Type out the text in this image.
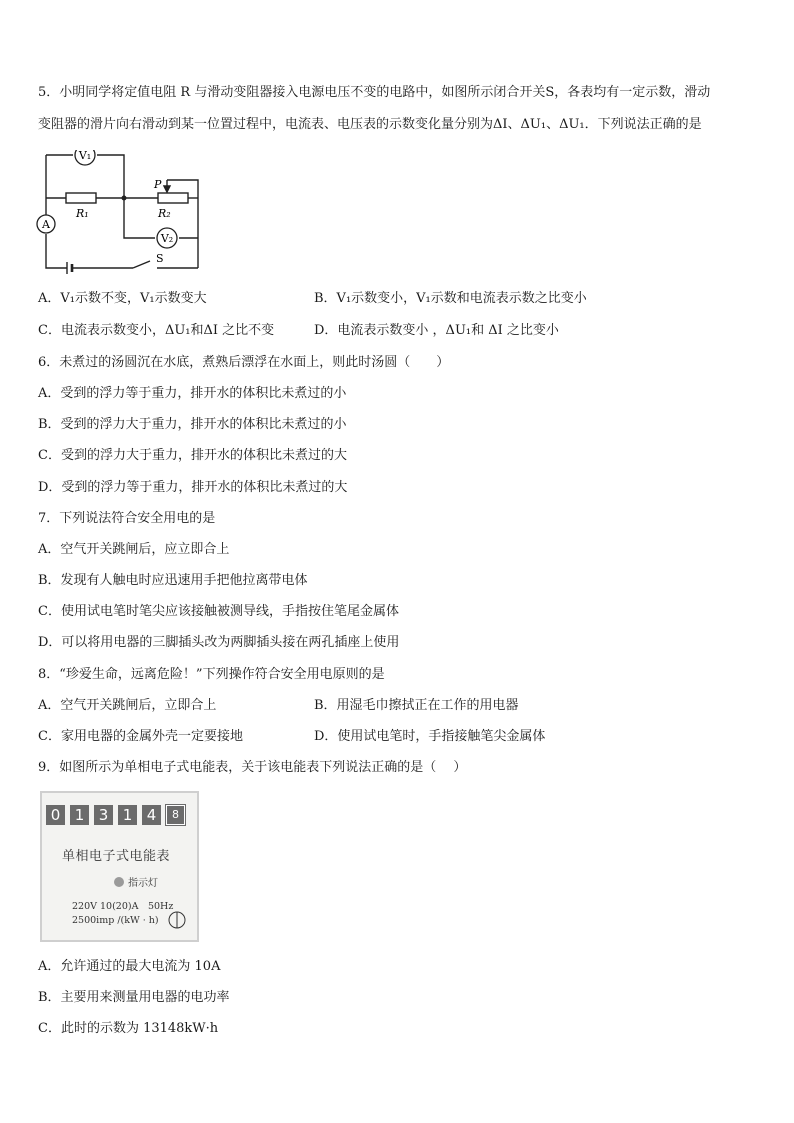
5．小明同学将定值电阻 R 与滑动变阻器接入电源电压不变的电路中，如图所示闭合开关S，各表均有一定示数，滑动
变阻器的滑片向右滑动到某一位置过程中，电流表、电压表的示数变化量分别为ΔI、ΔU₁、ΔU₁．下列说法正确的是
V₁
V₂
A
R₁	R₂
P
S
A．V₁示数不变，V₁示数变大	B．V₁示数变小，V₁示数和电流表示数之比变小
C．电流表示数变小，ΔU₁和ΔI 之比不变	D．电流表示数变小 ，ΔU₁和 ΔI 之比变小
6．未煮过的汤圆沉在水底，煮熟后漂浮在水面上，则此时汤圆（　　）
A．受到的浮力等于重力，排开水的体积比未煮过的小
B．受到的浮力大于重力，排开水的体积比未煮过的小
C．受到的浮力大于重力，排开水的体积比未煮过的大
D．受到的浮力等于重力，排开水的体积比未煮过的大
7．下列说法符合安全用电的是
A．空气开关跳闸后，应立即合上
B．发现有人触电时应迅速用手把他拉离带电体
C．使用试电笔时笔尖应该接触被测导线，手指按住笔尾金属体
D．可以将用电器的三脚插头改为两脚插头接在两孔插座上使用
8．“珍爱生命，远离危险！”下列操作符合安全用电原则的是
A．空气开关跳闸后，立即合上	B．用湿毛巾擦拭正在工作的用电器
C．家用电器的金属外壳一定要接地	D．使用试电笔时，手指接触笔尖金属体
9．如图所示为单相电子式电能表，关于该电能表下列说法正确的是（　 ）
0 1 3 1 4	8
单相电子式电能表
指示灯
220V 10(20)A　50Hz
2500imp /(kW · h)
A．允许通过的最大电流为 10A
B．主要用来测量用电器的电功率
C．此时的示数为 13148kW·h
